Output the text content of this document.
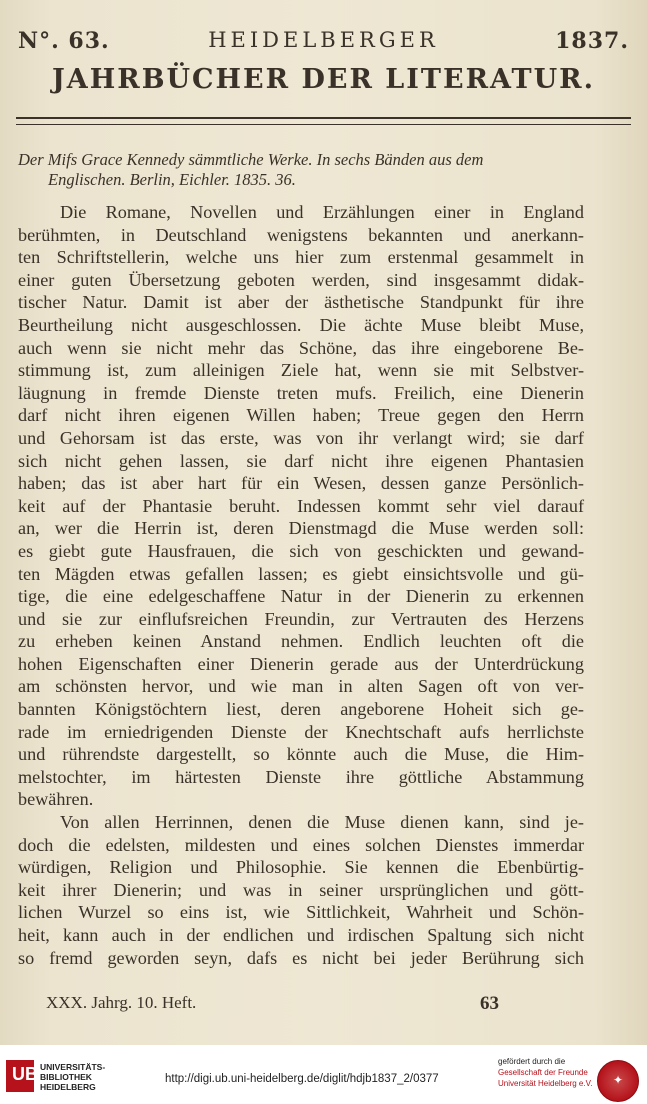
N°. 63.	HEIDELBERGER	1837.
JAHRBÜCHER DER LITERATUR.
Der Mifs Grace Kennedy sämmtliche Werke. In sechs Bänden aus dem
Englischen. Berlin, Eichler. 1835. 36.
Die Romane, Novellen und Erzählungen einer in England
berühmten, in Deutschland wenigstens bekannten und anerkann-
ten Schriftstellerin, welche uns hier zum erstenmal gesammelt in
einer guten Übersetzung geboten werden, sind insgesammt didak-
tischer Natur. Damit ist aber der ästhetische Standpunkt für ihre
Beurtheilung nicht ausgeschlossen. Die ächte Muse bleibt Muse,
auch wenn sie nicht mehr das Schöne, das ihre eingeborene Be-
stimmung ist, zum alleinigen Ziele hat, wenn sie mit Selbstver-
läugnung in fremde Dienste treten mufs. Freilich, eine Dienerin
darf nicht ihren eigenen Willen haben; Treue gegen den Herrn
und Gehorsam ist das erste, was von ihr verlangt wird; sie darf
sich nicht gehen lassen, sie darf nicht ihre eigenen Phantasien
haben; das ist aber hart für ein Wesen, dessen ganze Persönlich-
keit auf der Phantasie beruht. Indessen kommt sehr viel darauf
an, wer die Herrin ist, deren Dienstmagd die Muse werden soll:
es giebt gute Hausfrauen, die sich von geschickten und gewand-
ten Mägden etwas gefallen lassen; es giebt einsichtsvolle und gü-
tige, die eine edelgeschaffene Natur in der Dienerin zu erkennen
und sie zur einflufsreichen Freundin, zur Vertrauten des Herzens
zu erheben keinen Anstand nehmen. Endlich leuchten oft die
hohen Eigenschaften einer Dienerin gerade aus der Unterdrückung
am schönsten hervor, und wie man in alten Sagen oft von ver-
bannten Königstöchtern liest, deren angeborene Hoheit sich ge-
rade im erniedrigenden Dienste der Knechtschaft aufs herrlichste
und rührendste dargestellt, so könnte auch die Muse, die Him-
melstochter, im härtesten Dienste ihre göttliche Abstammung
bewähren.
Von allen Herrinnen, denen die Muse dienen kann, sind je-
doch die edelsten, mildesten und eines solchen Dienstes immerdar
würdigen, Religion und Philosophie. Sie kennen die Ebenbürtig-
keit ihrer Dienerin; und was in seiner ursprünglichen und gött-
lichen Wurzel so eins ist, wie Sittlichkeit, Wahrheit und Schön-
heit, kann auch in der endlichen und irdischen Spaltung sich nicht
so fremd geworden seyn, dafs es nicht bei jeder Berührung sich
XXX. Jahrg. 10. Heft.	63
UB UNIVERSITÄTS-
BIBLIOTHEK
HEIDELBERG
http://digi.ub.uni-heidelberg.de/diglit/hdjb1837_2/0377
gefördert durch die
Gesellschaft der Freunde
Universität Heidelberg e.V.	✦
